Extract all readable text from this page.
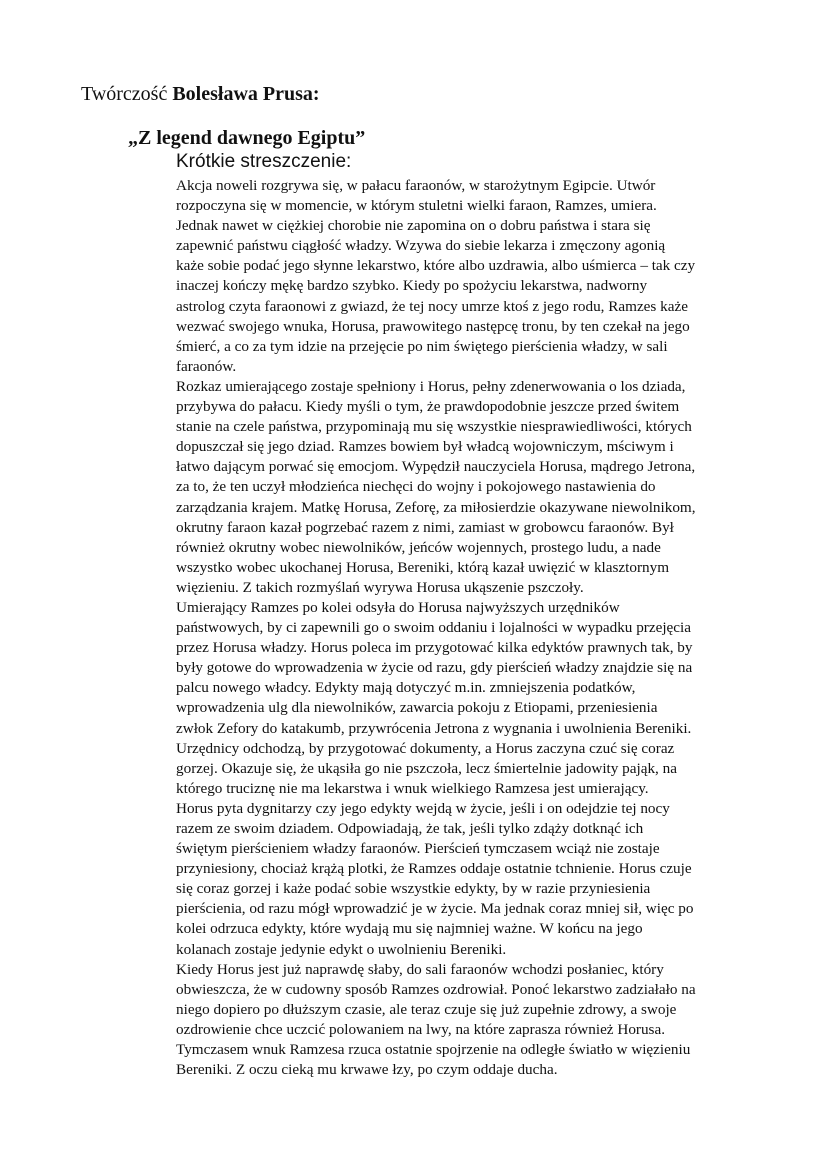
Twórczość Bolesława Prusa:
„Z legend dawnego Egiptu”
Krótkie streszczenie:
Akcja noweli rozgrywa się, w pałacu faraonów, w starożytnym Egipcie. Utwór
rozpoczyna się w momencie, w którym stuletni wielki faraon, Ramzes, umiera.
Jednak nawet w ciężkiej chorobie nie zapomina on o dobru państwa i stara się
zapewnić państwu ciągłość władzy. Wzywa do siebie lekarza i zmęczony agonią
każe sobie podać jego słynne lekarstwo, które albo uzdrawia, albo uśmierca – tak czy
inaczej kończy mękę bardzo szybko. Kiedy po spożyciu lekarstwa, nadworny
astrolog czyta faraonowi z gwiazd, że tej nocy umrze ktoś z jego rodu, Ramzes każe
wezwać swojego wnuka, Horusa, prawowitego następcę tronu, by ten czekał na jego
śmierć, a co za tym idzie na przejęcie po nim świętego pierścienia władzy, w sali
faraonów.
Rozkaz umierającego zostaje spełniony i Horus, pełny zdenerwowania o los dziada,
przybywa do pałacu. Kiedy myśli o tym, że prawdopodobnie jeszcze przed świtem
stanie na czele państwa, przypominają mu się wszystkie niesprawiedliwości, których
dopuszczał się jego dziad. Ramzes bowiem był władcą wojowniczym, mściwym i
łatwo dającym porwać się emocjom. Wypędził nauczyciela Horusa, mądrego Jetrona,
za to, że ten uczył młodzieńca niechęci do wojny i pokojowego nastawienia do
zarządzania krajem. Matkę Horusa, Zeforę, za miłosierdzie okazywane niewolnikom,
okrutny faraon kazał pogrzebać razem z nimi, zamiast w grobowcu faraonów. Był
również okrutny wobec niewolników, jeńców wojennych, prostego ludu, a nade
wszystko wobec ukochanej Horusa, Bereniki, którą kazał uwięzić w klasztornym
więzieniu. Z takich rozmyślań wyrywa Horusa ukąszenie pszczoły.
Umierający Ramzes po kolei odsyła do Horusa najwyższych urzędników
państwowych, by ci zapewnili go o swoim oddaniu i lojalności w wypadku przejęcia
przez Horusa władzy. Horus poleca im przygotować kilka edyktów prawnych tak, by
były gotowe do wprowadzenia w życie od razu, gdy pierścień władzy znajdzie się na
palcu nowego władcy. Edykty mają dotyczyć m.in. zmniejszenia podatków,
wprowadzenia ulg dla niewolników, zawarcia pokoju z Etiopami, przeniesienia
zwłok Zefory do katakumb, przywrócenia Jetrona z wygnania i uwolnienia Bereniki.
Urzędnicy odchodzą, by przygotować dokumenty, a Horus zaczyna czuć się coraz
gorzej. Okazuje się, że ukąsiła go nie pszczoła, lecz śmiertelnie jadowity pająk, na
którego truciznę nie ma lekarstwa i wnuk wielkiego Ramzesa jest umierający.
Horus pyta dygnitarzy czy jego edykty wejdą w życie, jeśli i on odejdzie tej nocy
razem ze swoim dziadem. Odpowiadają, że tak, jeśli tylko zdąży dotknąć ich
świętym pierścieniem władzy faraonów. Pierścień tymczasem wciąż nie zostaje
przyniesiony, chociaż krążą plotki, że Ramzes oddaje ostatnie tchnienie. Horus czuje
się coraz gorzej i każe podać sobie wszystkie edykty, by w razie przyniesienia
pierścienia, od razu mógł wprowadzić je w życie. Ma jednak coraz mniej sił, więc po
kolei odrzuca edykty, które wydają mu się najmniej ważne. W końcu na jego
kolanach zostaje jedynie edykt o uwolnieniu Bereniki.
Kiedy Horus jest już naprawdę słaby, do sali faraonów wchodzi posłaniec, który
obwieszcza, że w cudowny sposób Ramzes ozdrowiał. Ponoć lekarstwo zadziałało na
niego dopiero po dłuższym czasie, ale teraz czuje się już zupełnie zdrowy, a swoje
ozdrowienie chce uczcić polowaniem na lwy, na które zaprasza również Horusa.
Tymczasem wnuk Ramzesa rzuca ostatnie spojrzenie na odległe światło w więzieniu
Bereniki. Z oczu cieką mu krwawe łzy, po czym oddaje ducha.
